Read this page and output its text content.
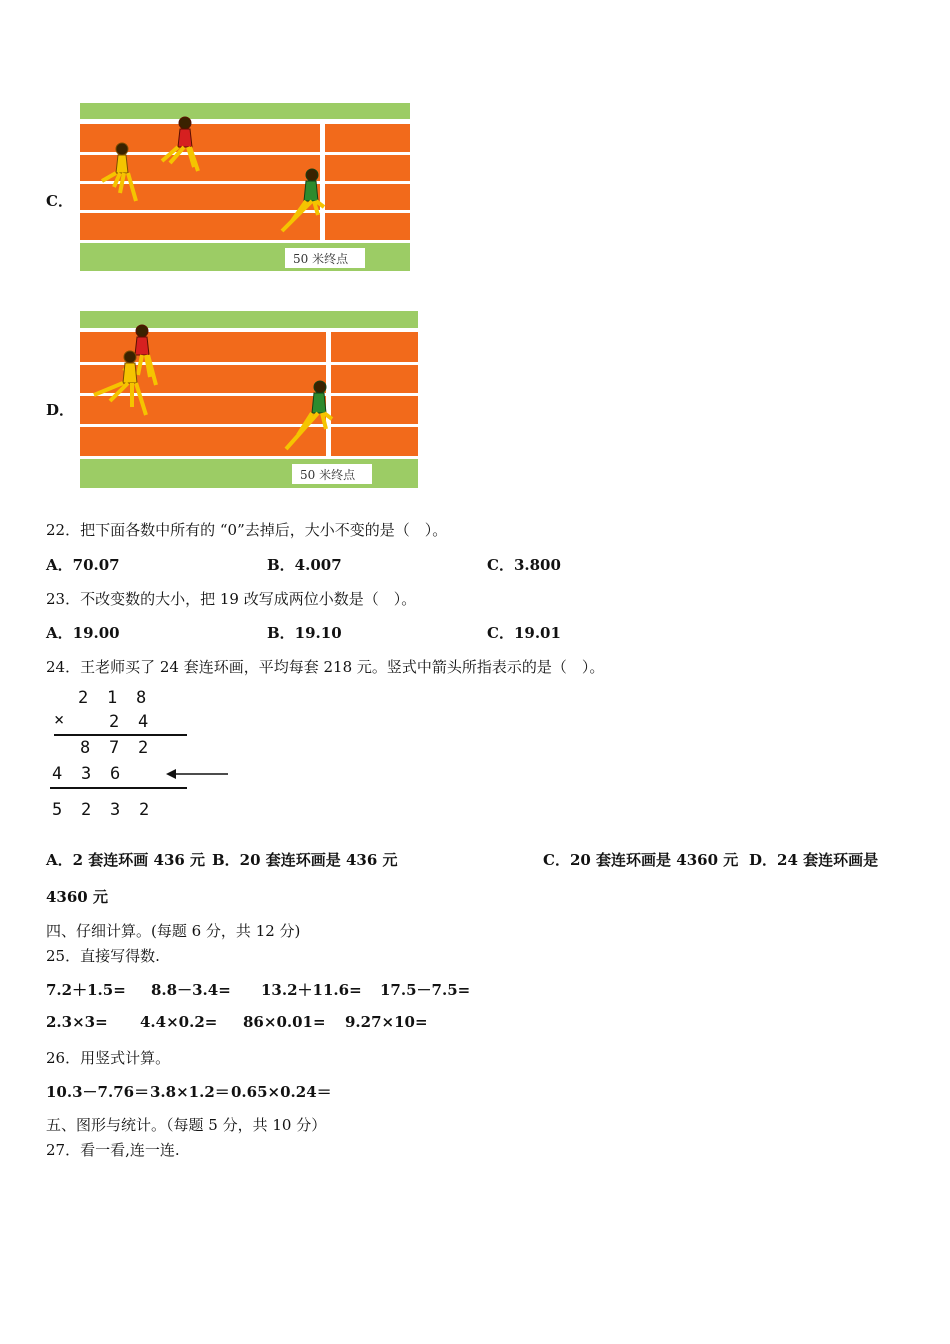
C．
50 米终点
D．
50 米终点
22．把下面各数中所有的 “0”去掉后，大小不变的是（　）。
A．70.07	B．4.007	C．3.800
23．不改变数的大小，把 19 改写成两位小数是（　）。
A．19.00	B．19.10	C．19.01
24．王老师买了 24 套连环画，平均每套 218 元。竖式中箭头所指表示的是（　）。
2 1 8
×	2 4
8 7 2
4 3 6
5 2 3 2
A．2 套连环画 436 元 B．20 套连环画是 436 元	C．20 套连环画是 4360 元 D．24 套连环画是
4360 元
四、仔细计算。(每题 6 分，共 12 分)
25．直接写得数.
7.2＋1.5= 8.8－3.4= 13.2＋11.6= 17.5－7.5=
2.3×3= 4.4×0.2= 86×0.01= 9.27×10=
26．用竖式计算。
10.3－7.76＝ 3.8×1.2＝ 0.65×0.24＝
五、图形与统计。（每题 5 分，共 10 分）
27．看一看,连一连.
